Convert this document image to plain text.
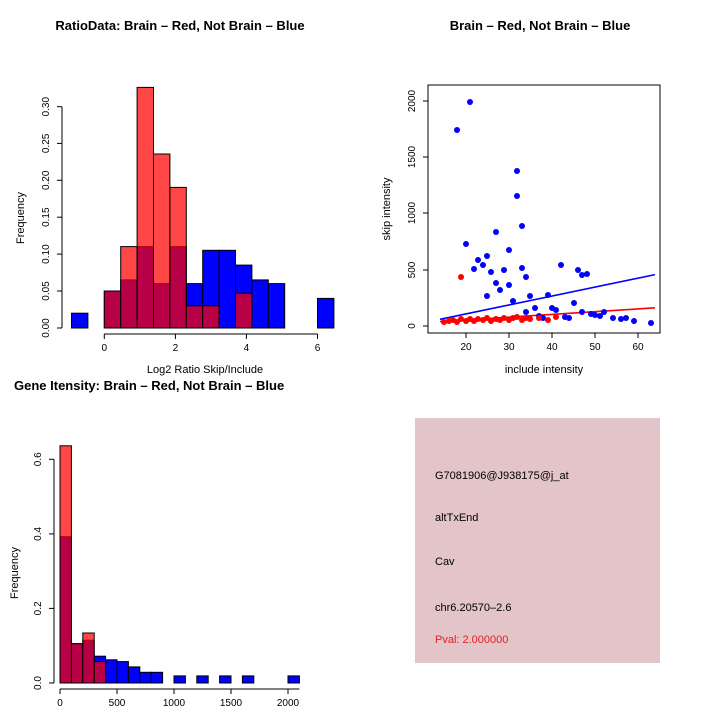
RatioData: Brain – Red, Not Brain – Blue
0	2	4	6
0.00
0.05
0.10
0.15
0.20
0.25
0.30
Log2 Ratio Skip/Include
Frequency
Brain – Red, Not Brain – Blue
20	30	40	50	60
0
500
1000
1500
2000
include intensity
skip intensity
Gene Itensity: Brain – Red, Not Brain – Blue
0	500	1000	1500	2000
0.0
0.2
0.4
0.6
Frequency
G7081906@J938175@j_at
altTxEnd
Cav
chr6.20570–2.6
Pval: 2.000000
